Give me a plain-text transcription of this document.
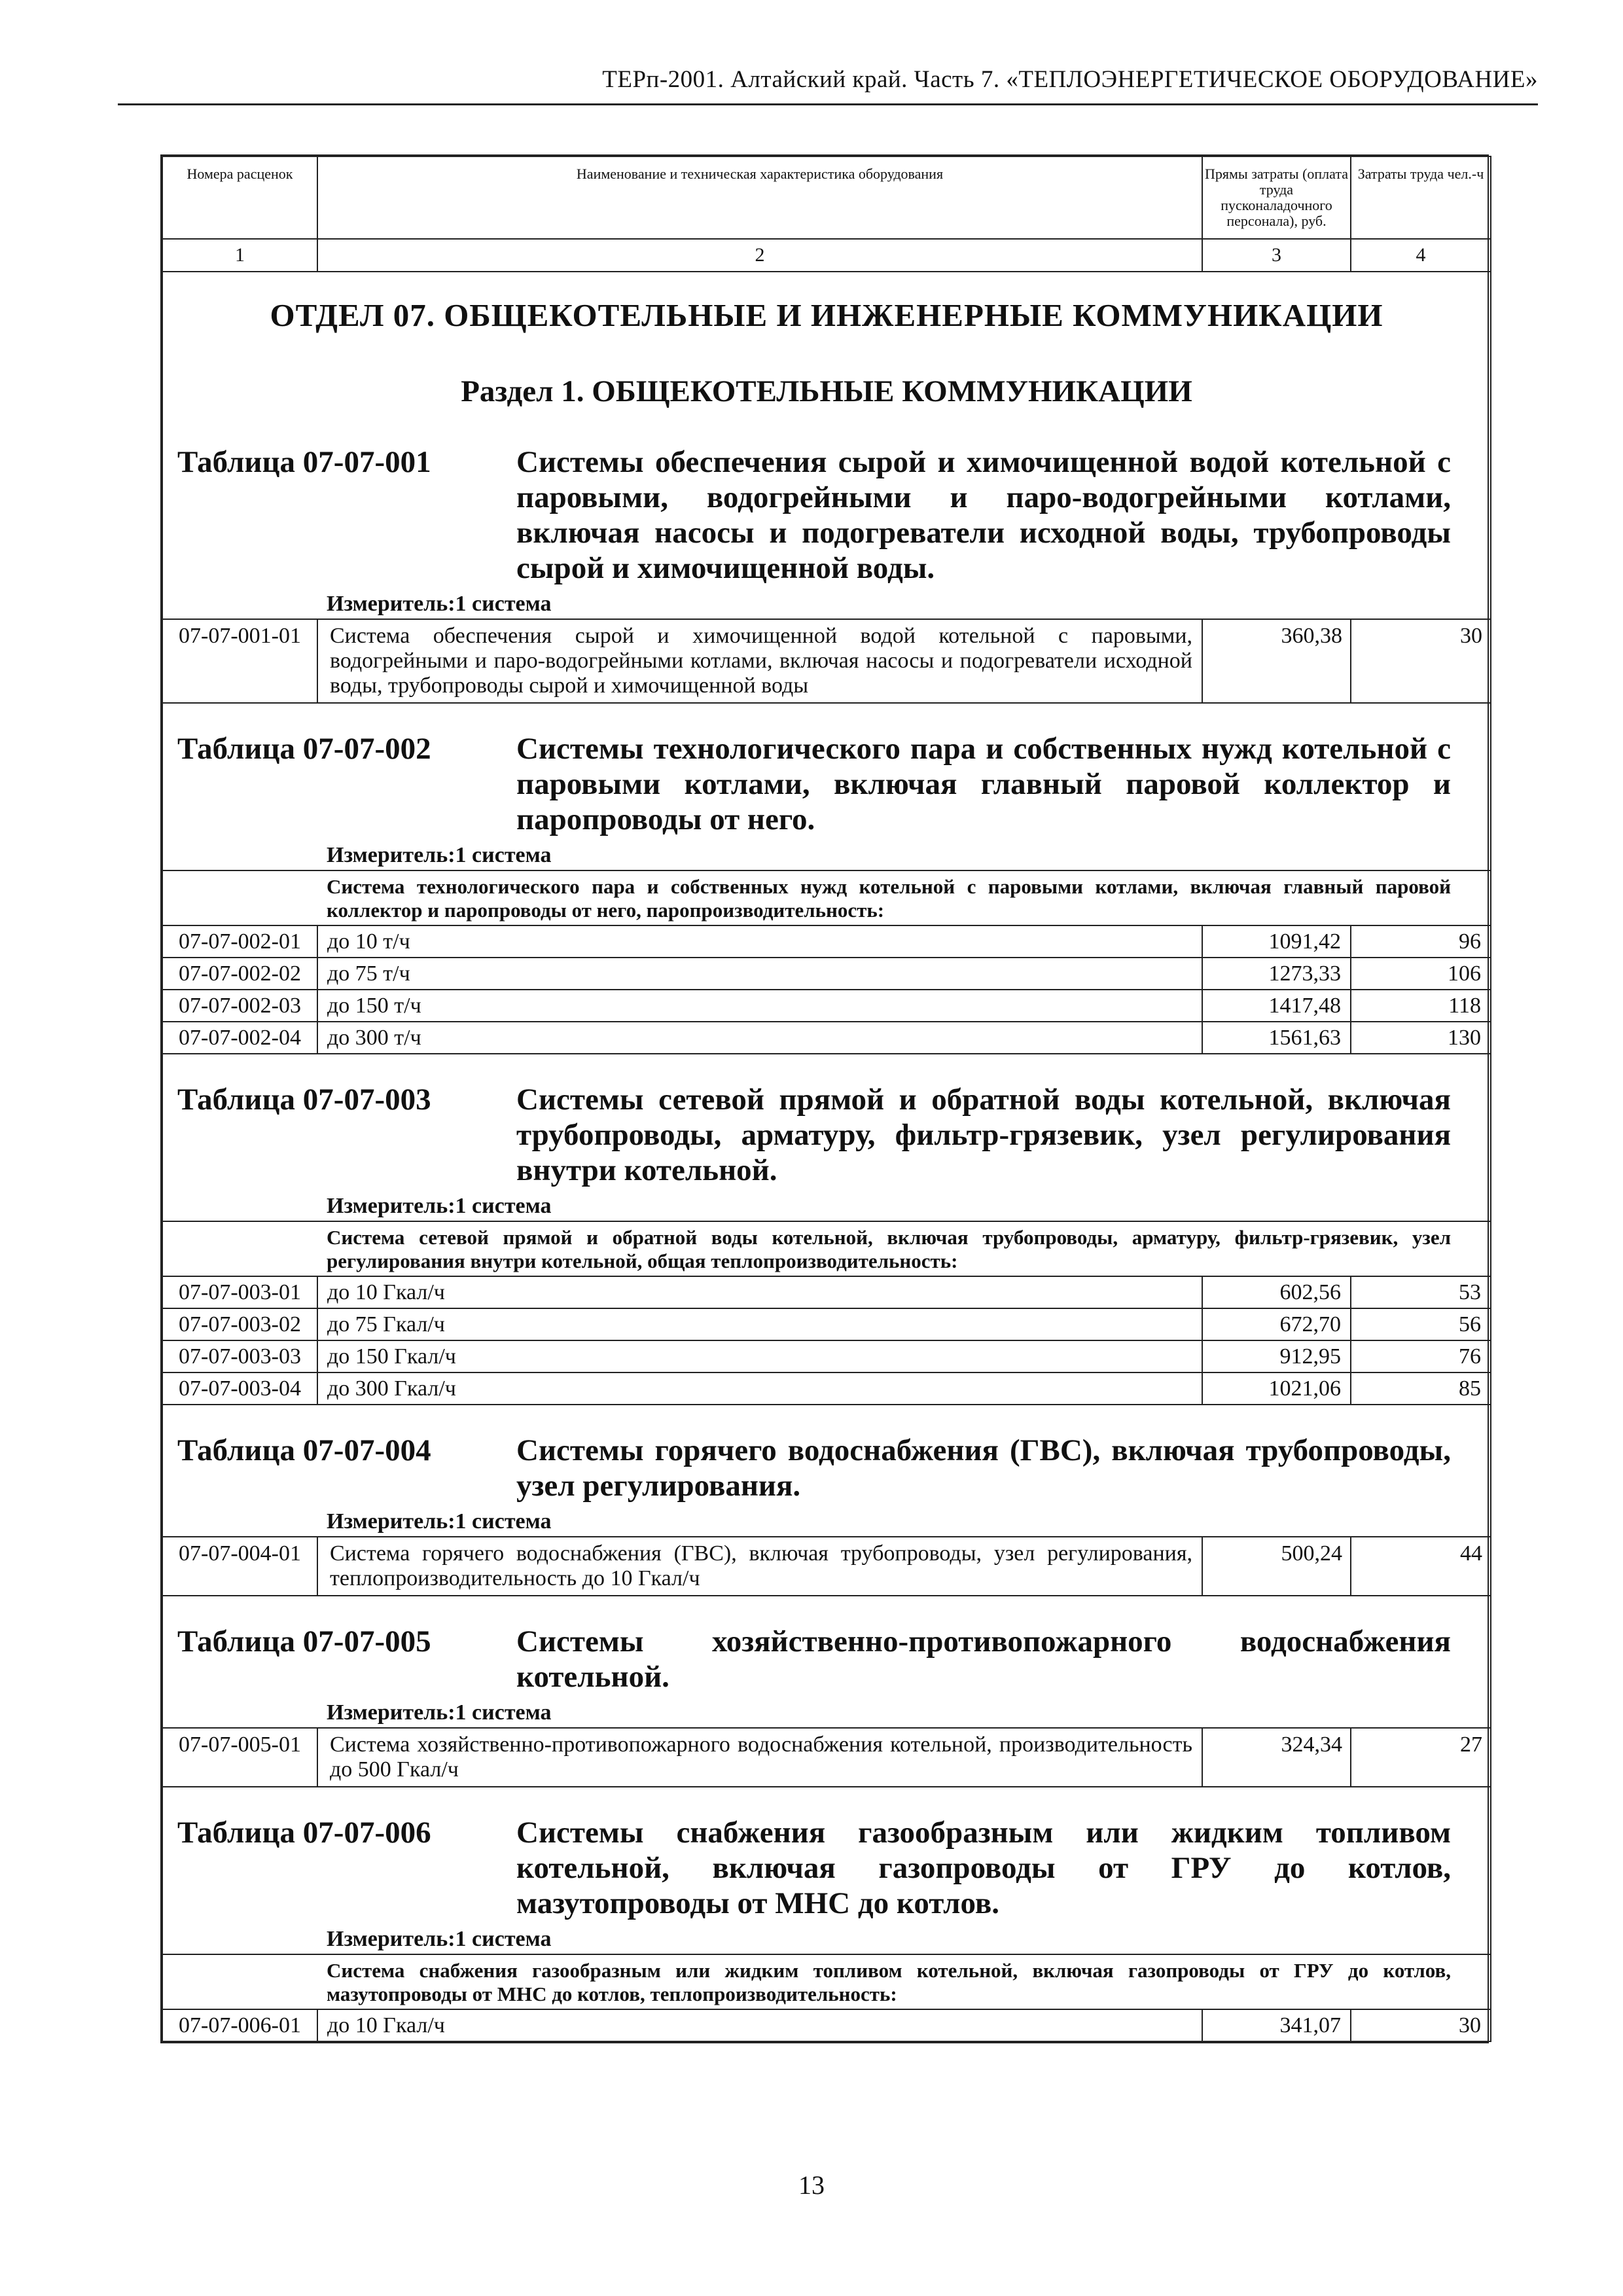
ТЕРп-2001. Алтайский край. Часть 7. «ТЕПЛОЭНЕРГЕТИЧЕСКОЕ ОБОРУДОВАНИЕ»
Номера расценок	Наименование и техническая характеристика оборудования	Прямы затраты (оплата труда пусконаладочного персонала), руб.	Затраты труда чел.-ч
1	2	3	4
ОТДЕЛ 07. ОБЩЕКОТЕЛЬНЫЕ И ИНЖЕНЕРНЫЕ КОММУНИКАЦИИ			
Раздел 1. ОБЩЕКОТЕЛЬНЫЕ КОММУНИКАЦИИ			

Таблица 07-07-001 Системы обеспечения сырой и химочищенной водой котельной с паровыми, водогрейными и паро-водогрейными котлами, включая насосы и подогреватели исходной воды, трубопроводы сырой и химочищенной воды.
Измеритель:1 система			

07-07-001-01	Система обеспечения сырой и химочищенной водой котельной с паровыми, водогрейными и паро-водогрейными котлами, включая насосы и подогреватели исходной воды, трубопроводы сырой и химочищенной воды	360,38	30

Таблица 07-07-002 Системы технологического пара и собственных нужд котельной с паровыми котлами, включая главный паровой коллектор и паропроводы от него.
Измеритель:1 система			

Система технологического пара и собственных нужд котельной с паровыми котлами, включая главный паровой коллектор и паропроводы от него, паропроизводительность:			
07-07-002-01	до 10 т/ч	1091,42	96
07-07-002-02	до 75 т/ч	1273,33	106
07-07-002-03	до 150 т/ч	1417,48	118
07-07-002-04	до 300 т/ч	1561,63	130

Таблица 07-07-003 Системы сетевой прямой и обратной воды котельной, включая трубопроводы, арматуру, фильтр-грязевик, узел регулирования внутри котельной.
Измеритель:1 система			

Система сетевой прямой и обратной воды котельной, включая трубопроводы, арматуру, фильтр-грязевик, узел регулирования внутри котельной, общая теплопроизводительность:			
07-07-003-01	до 10 Гкал/ч	602,56	53
07-07-003-02	до 75 Гкал/ч	672,70	56
07-07-003-03	до 150 Гкал/ч	912,95	76
07-07-003-04	до 300 Гкал/ч	1021,06	85

Таблица 07-07-004 Системы горячего водоснабжения (ГВС), включая трубопроводы, узел регулирования.
Измеритель:1 система			

07-07-004-01	Система горячего водоснабжения (ГВС), включая трубопроводы, узел регулирования, теплопроизводительность до 10 Гкал/ч	500,24	44

Таблица 07-07-005 Системы хозяйственно-противопожарного водоснабжения котельной.
Измеритель:1 система			

07-07-005-01	Система хозяйственно-противопожарного водоснабжения котельной, производительность до 500 Гкал/ч	324,34	27

Таблица 07-07-006 Системы снабжения газообразным или жидким топливом котельной, включая газопроводы от ГРУ до котлов, мазутопроводы от МНС до котлов.
Измеритель:1 система			

Система снабжения газообразным или жидким топливом котельной, включая газопроводы от ГРУ до котлов, мазутопроводы от МНС до котлов, теплопроизводительность:			
07-07-006-01	до 10 Гкал/ч	341,07	30
13
